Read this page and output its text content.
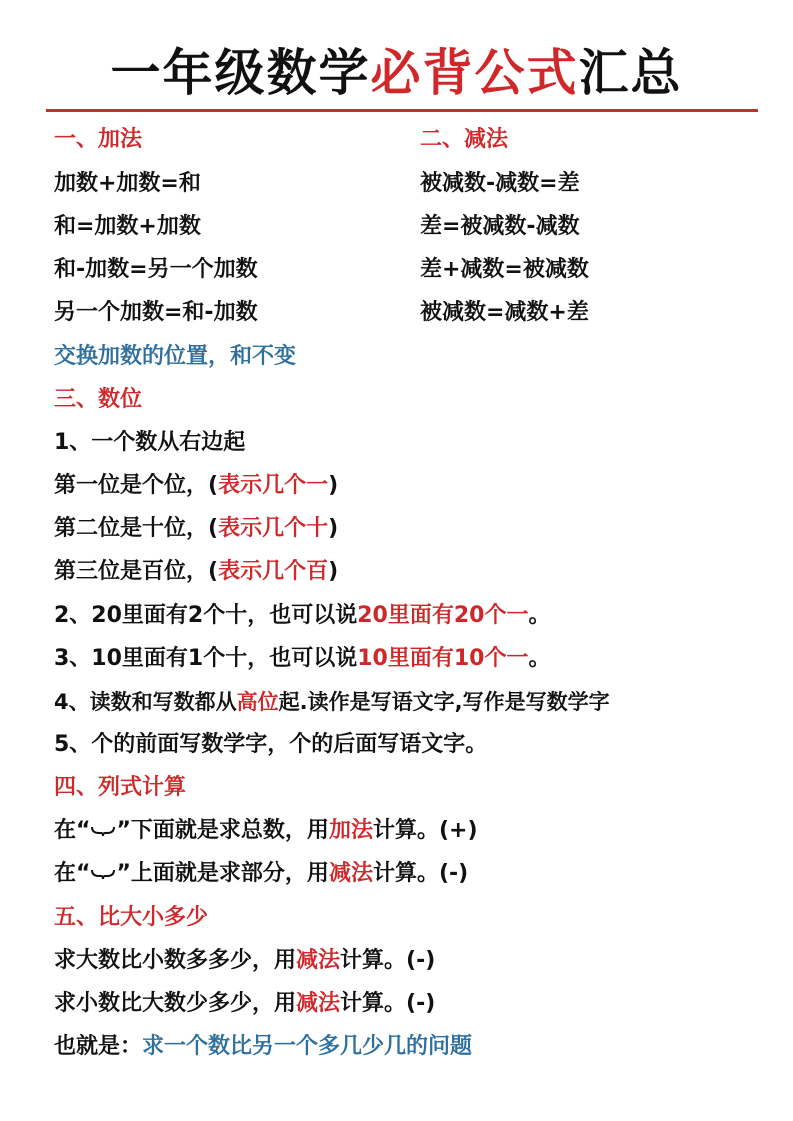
一年级数学必背公式汇总
一、加法
加数+加数=和
和=加数+加数
和-加数=另一个加数
另一个加数=和-加数
交换加数的位置，和不变
二、减法
被减数-减数=差
差=被减数-减数
差+减数=被减数
被减数=减数+差
三、数位
1、一个数从右边起
第一位是个位，(表示几个一)
第二位是十位，(表示几个十)
第三位是百位，(表示几个百)
2、20里面有2个十，也可以说20里面有20个一。
3、10里面有1个十，也可以说10里面有10个一。
4、读数和写数都从高位起.读作是写语文字,写作是写数学字
5、个的前面写数学字，个的后面写语文字。
四、列式计算
在“ ”下面就是求总数，用加法计算。(+)
在“ ”上面就是求部分，用减法计算。(-)
五、比大小多少
求大数比小数多多少，用减法计算。(-)
求小数比大数少多少，用减法计算。(-)
也就是：求一个数比另一个多几少几的问题
